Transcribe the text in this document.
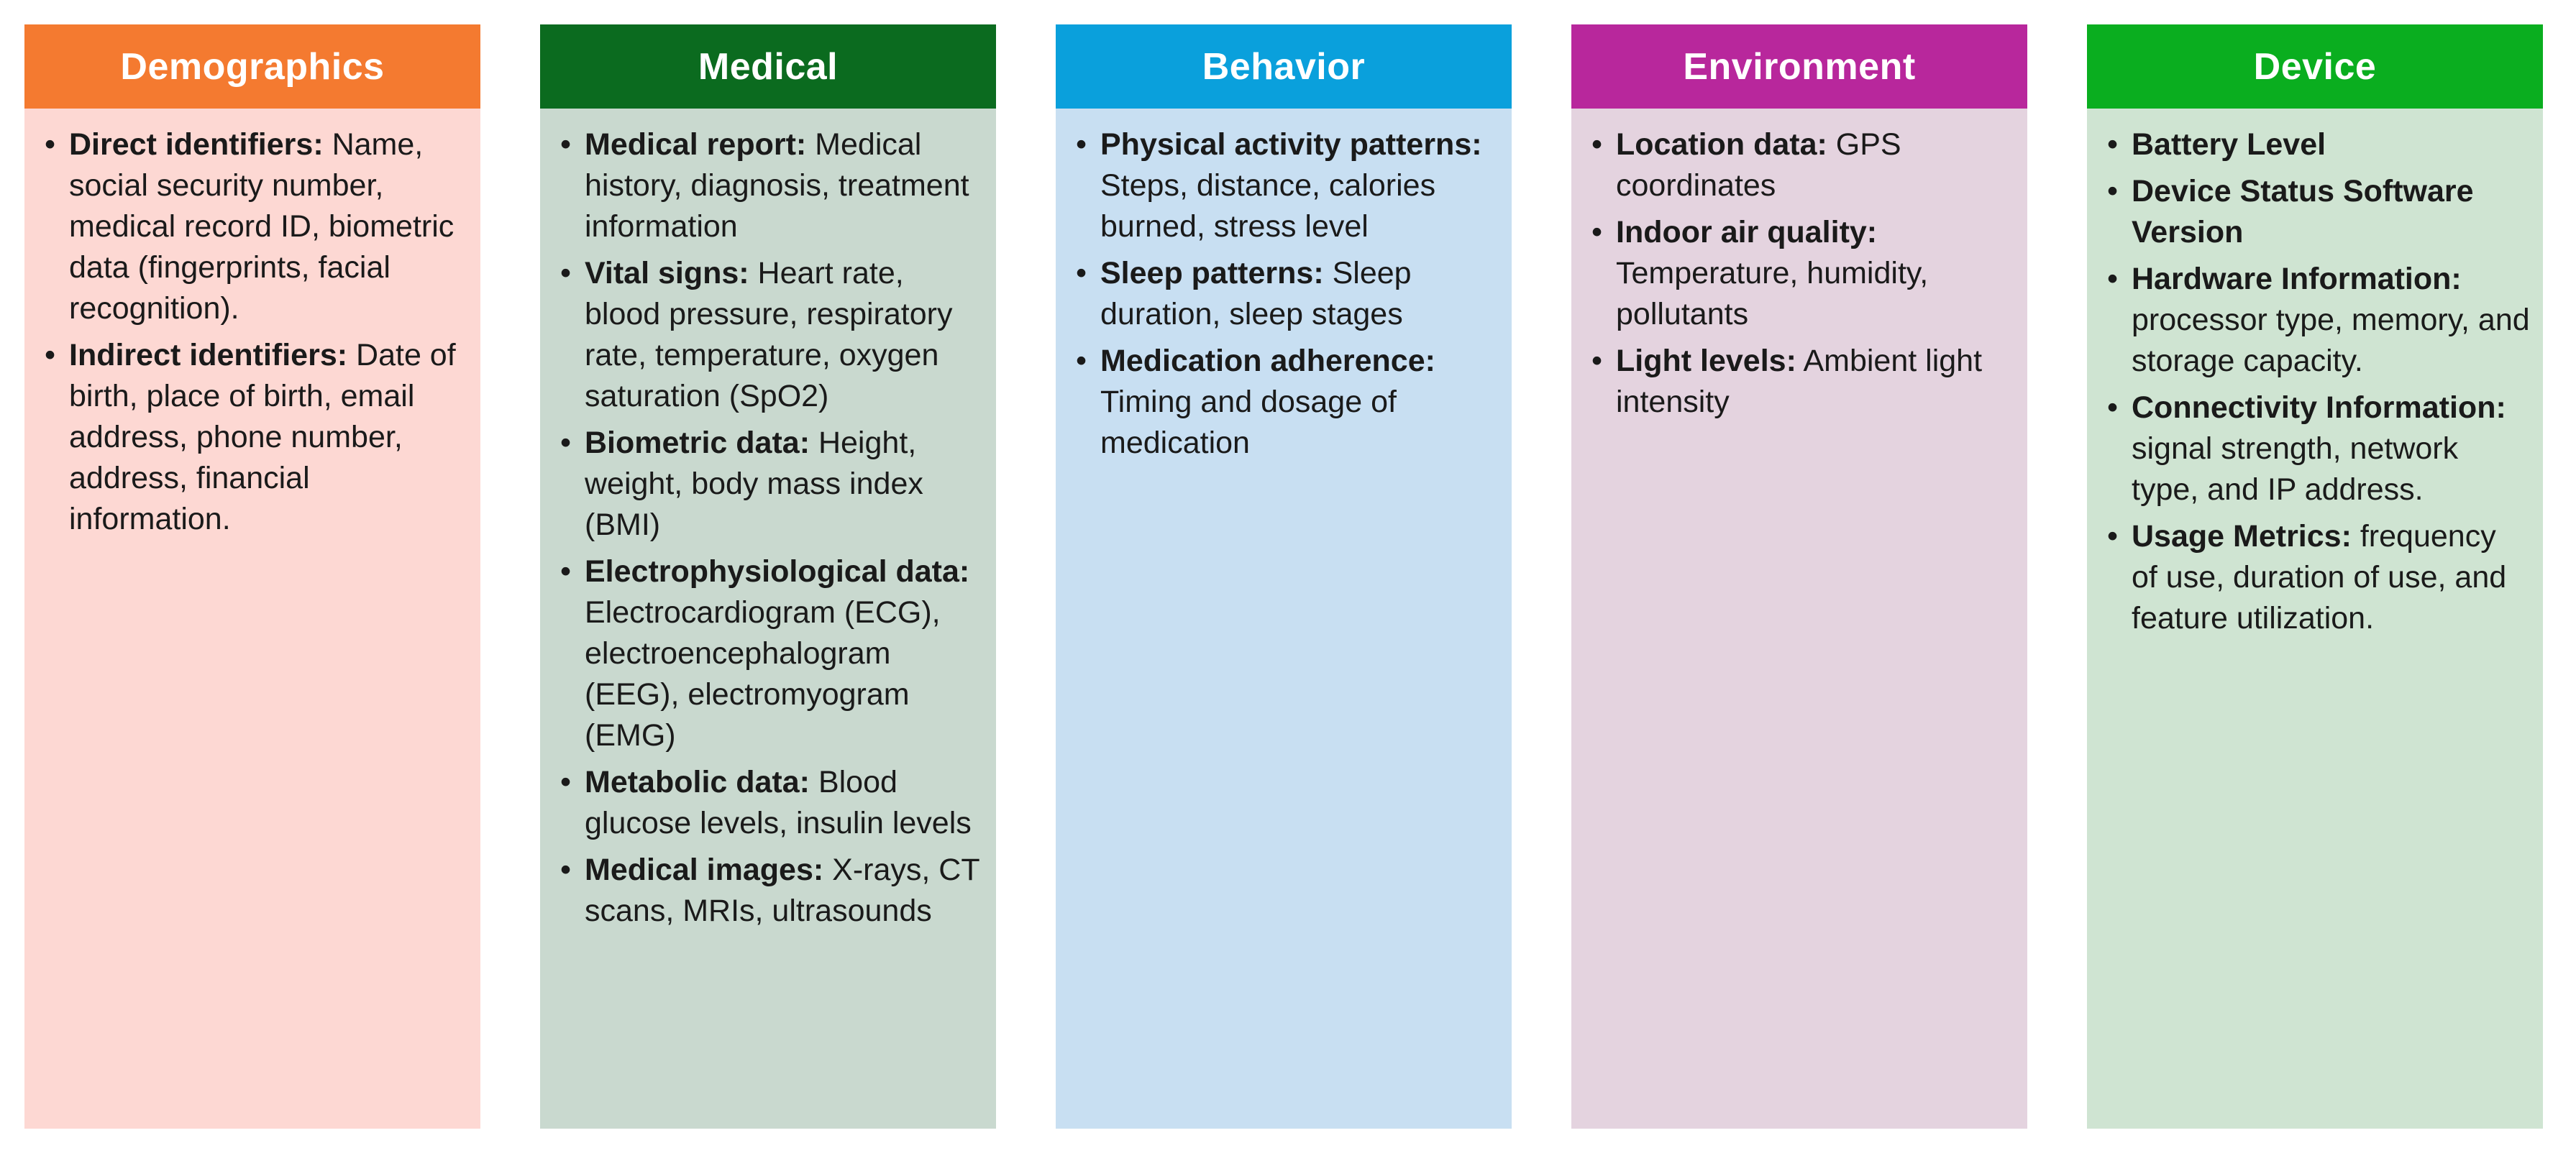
Demographics
• Direct identifiers: Name, social security number, medical record ID, biometric data (fingerprints, facial recognition).
• Indirect identifiers: Date of birth, place of birth, email address, phone number, address, financial information.
Medical
• Medical report: Medical history, diagnosis, treatment information
• Vital signs: Heart rate, blood pressure, respiratory rate, temperature, oxygen saturation (SpO2)
• Biometric data: Height, weight, body mass index (BMI)
• Electrophysiological data: Electrocardiogram (ECG), electroencephalogram (EEG), electromyogram (EMG)
• Metabolic data: Blood glucose levels, insulin levels
• Medical images: X-rays, CT scans, MRIs, ultrasounds
Behavior
• Physical activity patterns: Steps, distance, calories burned, stress level
• Sleep patterns: Sleep duration, sleep stages
• Medication adherence: Timing and dosage of medication
Environment
• Location data: GPS coordinates
• Indoor air quality: Temperature, humidity, pollutants
• Light levels: Ambient light intensity
Device
• Battery Level
• Device Status Software Version
• Hardware Information: processor type, memory, and storage capacity.
• Connectivity Information: signal strength, network type, and IP address.
• Usage Metrics: frequency of use, duration of use, and feature utilization.
